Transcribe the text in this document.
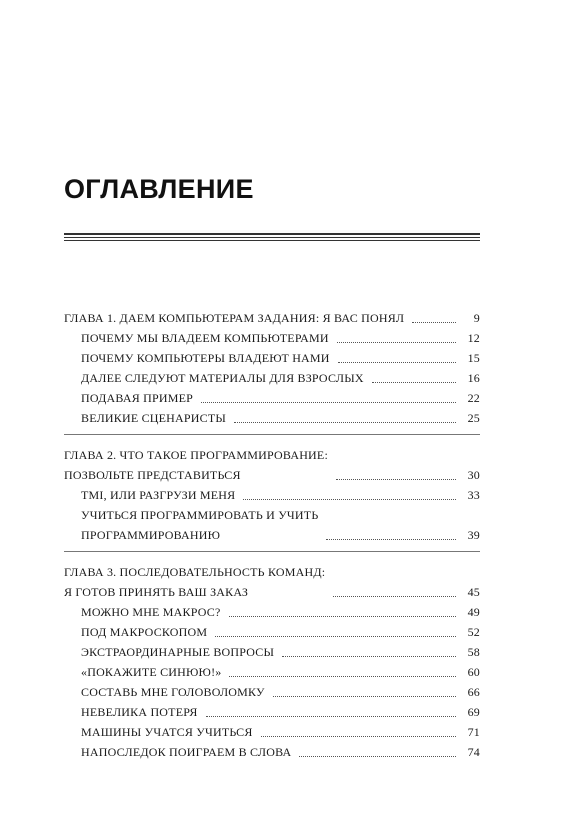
ОГЛАВЛЕНИЕ
ГЛАВА 1. ДАЕМ КОМПЬЮТЕРАМ ЗАДАНИЯ: Я ВАС ПОНЯЛ	9
ПОЧЕМУ МЫ ВЛАДЕЕМ КОМПЬЮТЕРАМИ	12
ПОЧЕМУ КОМПЬЮТЕРЫ ВЛАДЕЮТ НАМИ	15
ДАЛЕЕ СЛЕДУЮТ МАТЕРИАЛЫ ДЛЯ ВЗРОСЛЫХ	16
ПОДАВАЯ ПРИМЕР	22
ВЕЛИКИЕ СЦЕНАРИСТЫ	25
ГЛАВА 2. ЧТО ТАКОЕ ПРОГРАММИРОВАНИЕ:
ПОЗВОЛЬТЕ ПРЕДСТАВИТЬСЯ	30
TMI, ИЛИ РАЗГРУЗИ МЕНЯ	33
УЧИТЬСЯ ПРОГРАММИРОВАТЬ И УЧИТЬ
ПРОГРАММИРОВАНИЮ	39
ГЛАВА 3. ПОСЛЕДОВАТЕЛЬНОСТЬ КОМАНД:
Я ГОТОВ ПРИНЯТЬ ВАШ ЗАКАЗ	45
МОЖНО МНЕ МАКРОС?	49
ПОД МАКРОСКОПОМ	52
ЭКСТРАОРДИНАРНЫЕ ВОПРОСЫ	58
«ПОКАЖИТЕ СИНЮЮ!»	60
СОСТАВЬ МНЕ ГОЛОВОЛОМКУ	66
НЕВЕЛИКА ПОТЕРЯ	69
МАШИНЫ УЧАТСЯ УЧИТЬСЯ	71
НАПОСЛЕДОК ПОИГРАЕМ В СЛОВА	74
